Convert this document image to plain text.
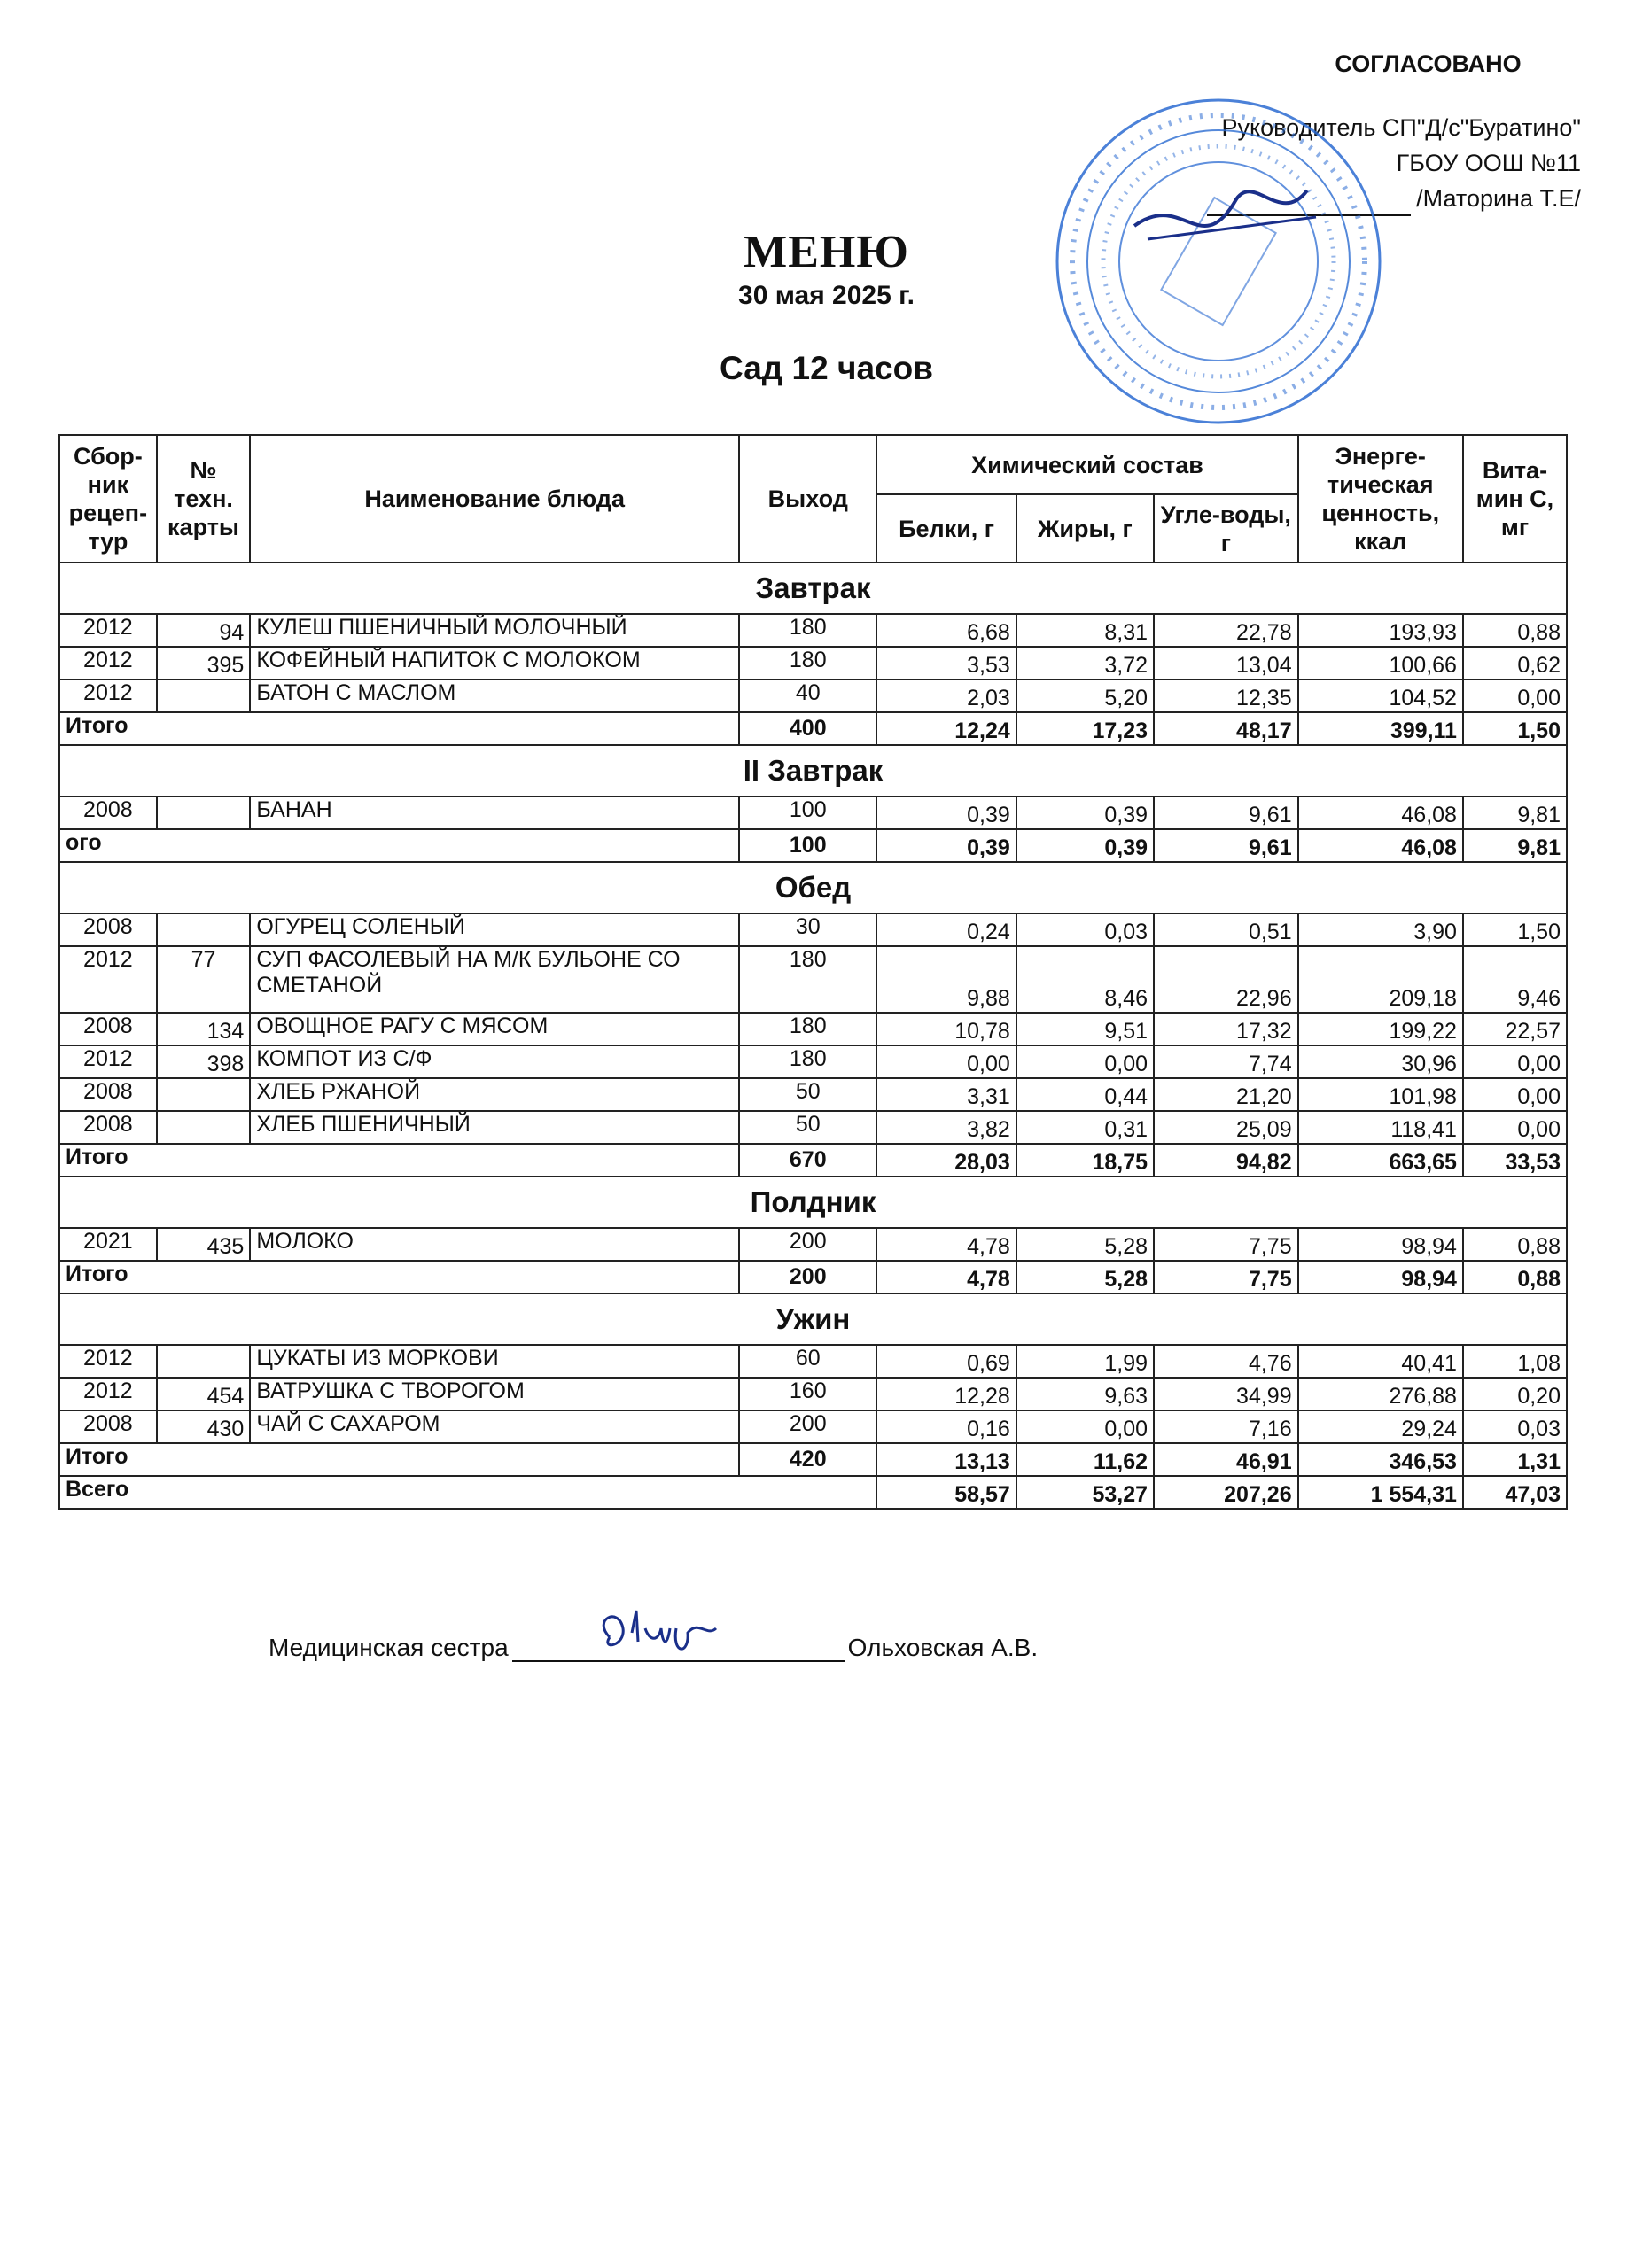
СОГЛАСОВАНО
Руководитель СП"Д/с"Буратино"
ГБОУ ООШ №11
/Маторина Т.Е/
МЕНЮ
30 мая 2025 г.
Сад 12 часов
Сбор-ник рецеп-тур	№ техн. карты	Наименование блюда	Выход	Химический состав			Энерге-тическая ценность, ккал	Вита-мин С, мг
				Белки, г	Жиры, г	Угле-воды, г		
Завтрак								
2012	94	КУЛЕШ ПШЕНИЧНЫЙ МОЛОЧНЫЙ	180	6,68	8,31	22,78	193,93	0,88
2012	395	КОФЕЙНЫЙ НАПИТОК С МОЛОКОМ	180	3,53	3,72	13,04	100,66	0,62
2012		БАТОН С МАСЛОМ	40	2,03	5,20	12,35	104,52	0,00
Итого			400	12,24	17,23	48,17	399,11	1,50
II Завтрак								
2008		БАНАН	100	0,39	0,39	9,61	46,08	9,81
ого			100	0,39	0,39	9,61	46,08	9,81
Обед								
2008		ОГУРЕЦ СОЛЕНЫЙ	30	0,24	0,03	0,51	3,90	1,50
2012	77	СУП ФАСОЛЕВЫЙ НА М/К БУЛЬОНЕ СО СМЕТАНОЙ	180	9,88	8,46	22,96	209,18	9,46
2008	134	ОВОЩНОЕ РАГУ С МЯСОМ	180	10,78	9,51	17,32	199,22	22,57
2012	398	КОМПОТ ИЗ С/Ф	180	0,00	0,00	7,74	30,96	0,00
2008		ХЛЕБ РЖАНОЙ	50	3,31	0,44	21,20	101,98	0,00
2008		ХЛЕБ ПШЕНИЧНЫЙ	50	3,82	0,31	25,09	118,41	0,00
Итого			670	28,03	18,75	94,82	663,65	33,53
Полдник								
2021	435	МОЛОКО	200	4,78	5,28	7,75	98,94	0,88
Итого			200	4,78	5,28	7,75	98,94	0,88
Ужин								
2012		ЦУКАТЫ ИЗ МОРКОВИ	60	0,69	1,99	4,76	40,41	1,08
2012	454	ВАТРУШКА С ТВОРОГОМ	160	12,28	9,63	34,99	276,88	0,20
2008	430	ЧАЙ С САХАРОМ	200	0,16	0,00	7,16	29,24	0,03
Итого			420	13,13	11,62	46,91	346,53	1,31
Всего				58,57	53,27	207,26	1 554,31	47,03
Медицинская сестра	Ольховская А.В.
